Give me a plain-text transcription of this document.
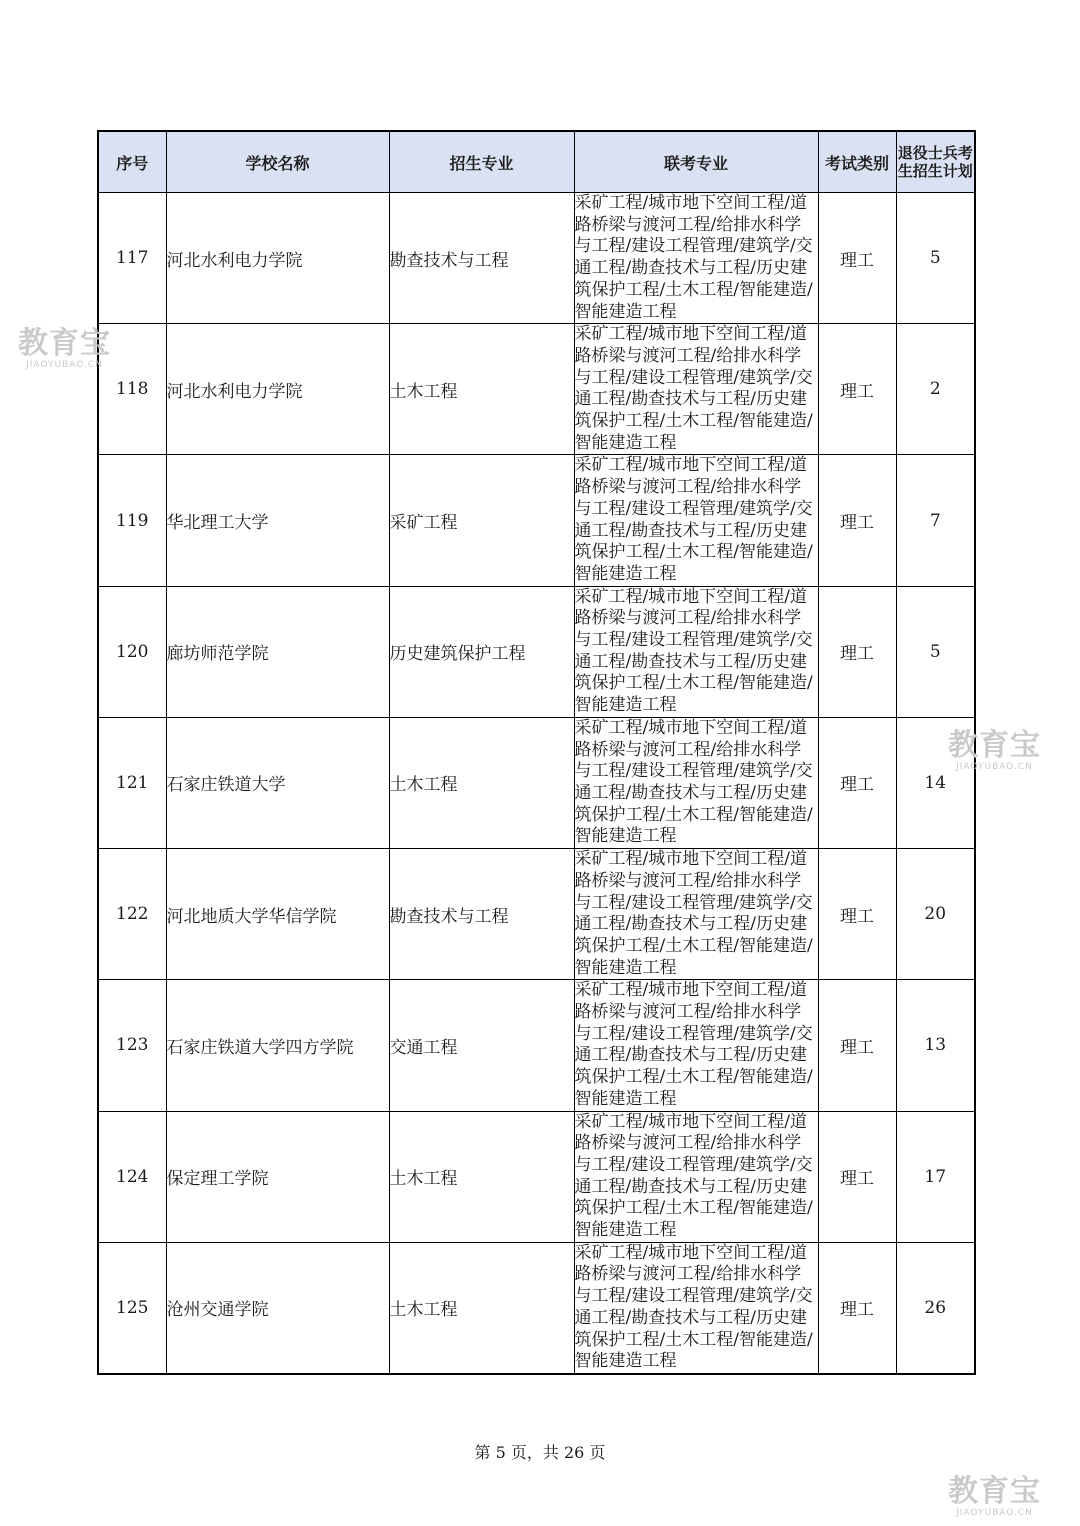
序号	学校名称	招生专业	联考专业	考试类别	退役士兵考生招生计划
117	河北水利电力学院	勘查技术与工程	采矿工程/城市地下空间工程/道路桥梁与渡河工程/给排水科学与工程/建设工程管理/建筑学/交通工程/勘查技术与工程/历史建筑保护工程/土木工程/智能建造/智能建造工程	理工	5
118	河北水利电力学院	土木工程	采矿工程/城市地下空间工程/道路桥梁与渡河工程/给排水科学与工程/建设工程管理/建筑学/交通工程/勘查技术与工程/历史建筑保护工程/土木工程/智能建造/智能建造工程	理工	2
119	华北理工大学	采矿工程	采矿工程/城市地下空间工程/道路桥梁与渡河工程/给排水科学与工程/建设工程管理/建筑学/交通工程/勘查技术与工程/历史建筑保护工程/土木工程/智能建造/智能建造工程	理工	7
120	廊坊师范学院	历史建筑保护工程	采矿工程/城市地下空间工程/道路桥梁与渡河工程/给排水科学与工程/建设工程管理/建筑学/交通工程/勘查技术与工程/历史建筑保护工程/土木工程/智能建造/智能建造工程	理工	5
121	石家庄铁道大学	土木工程	采矿工程/城市地下空间工程/道路桥梁与渡河工程/给排水科学与工程/建设工程管理/建筑学/交通工程/勘查技术与工程/历史建筑保护工程/土木工程/智能建造/智能建造工程	理工	14
122	河北地质大学华信学院	勘查技术与工程	采矿工程/城市地下空间工程/道路桥梁与渡河工程/给排水科学与工程/建设工程管理/建筑学/交通工程/勘查技术与工程/历史建筑保护工程/土木工程/智能建造/智能建造工程	理工	20
123	石家庄铁道大学四方学院	交通工程	采矿工程/城市地下空间工程/道路桥梁与渡河工程/给排水科学与工程/建设工程管理/建筑学/交通工程/勘查技术与工程/历史建筑保护工程/土木工程/智能建造/智能建造工程	理工	13
124	保定理工学院	土木工程	采矿工程/城市地下空间工程/道路桥梁与渡河工程/给排水科学与工程/建设工程管理/建筑学/交通工程/勘查技术与工程/历史建筑保护工程/土木工程/智能建造/智能建造工程	理工	17
125	沧州交通学院	土木工程	采矿工程/城市地下空间工程/道路桥梁与渡河工程/给排水科学与工程/建设工程管理/建筑学/交通工程/勘查技术与工程/历史建筑保护工程/土木工程/智能建造/智能建造工程	理工	26
第 5 页，共 26 页
教育宝
JIAOYUBAO.CN
教育宝
JIAOYUBAO.CN
教育宝
JIAOYUBAO.CN
